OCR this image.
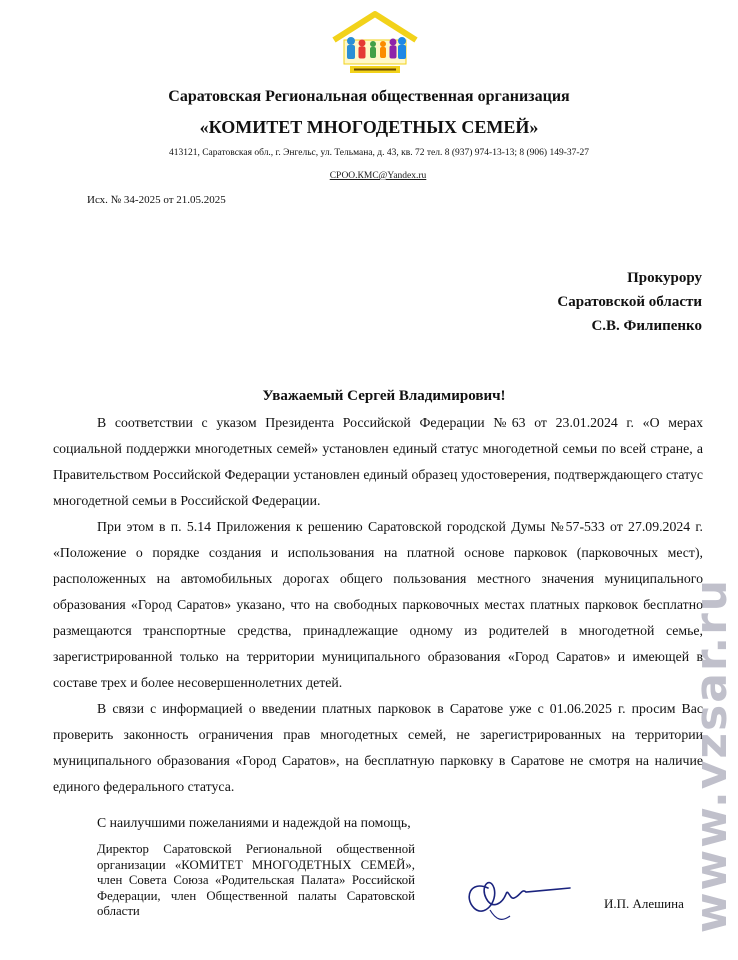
Саратовская Региональная общественная организация
«КОМИТЕТ МНОГОДЕТНЫХ СЕМЕЙ»
413121, Саратовская обл., г. Энгельс, ул. Тельмана, д. 43, кв. 72 тел. 8 (937) 974-13-13; 8 (906) 149-37-27
СРОО.КМС@Yandex.ru
Исх. № 34-2025 от 21.05.2025
Прокурору
Саратовской области
С.В. Филипенко
Уважаемый Сергей Владимирович!

В соответствии с указом Президента Российской Федерации №63 от 23.01.2024 г. «О мерах социальной поддержки многодетных семей» установлен единый статус многодетной семьи по всей стране, а Правительством Российской Федерации установлен единый образец удостоверения, подтверждающего статус многодетной семьи в Российской Федерации.

При этом в п. 5.14 Приложения к решению Саратовской городской Думы №57-533 от 27.09.2024 г. «Положение о порядке создания и использования на платной основе парковок (парковочных мест), расположенных на автомобильных дорогах общего пользования местного значения муниципального образования «Город Саратов» указано, что на свободных парковочных местах платных парковок бесплатно размещаются транспортные средства, принадлежащие одному из родителей в многодетной семье, зарегистрированной только на территории муниципального образования «Город Саратов» и имеющей в составе трех и более несовершеннолетних детей.

В связи с информацией о введении платных парковок в Саратове уже с 01.06.2025 г. просим Вас проверить законность ограничения прав многодетных семей, не зарегистрированных на территории муниципального образования «Город Саратов», на бесплатную парковку в Саратове не смотря на наличие единого федерального статуса.

С наилучшими пожеланиями и надеждой на помощь,
Директор Саратовской Региональной общественной организации «КОМИТЕТ МНОГОДЕТНЫХ СЕМЕЙ», член Совета Союза «Родительская Палата» Российской Федерации, член Общественной палаты Саратовской области
И.П. Алешина www.vzsar.ru
